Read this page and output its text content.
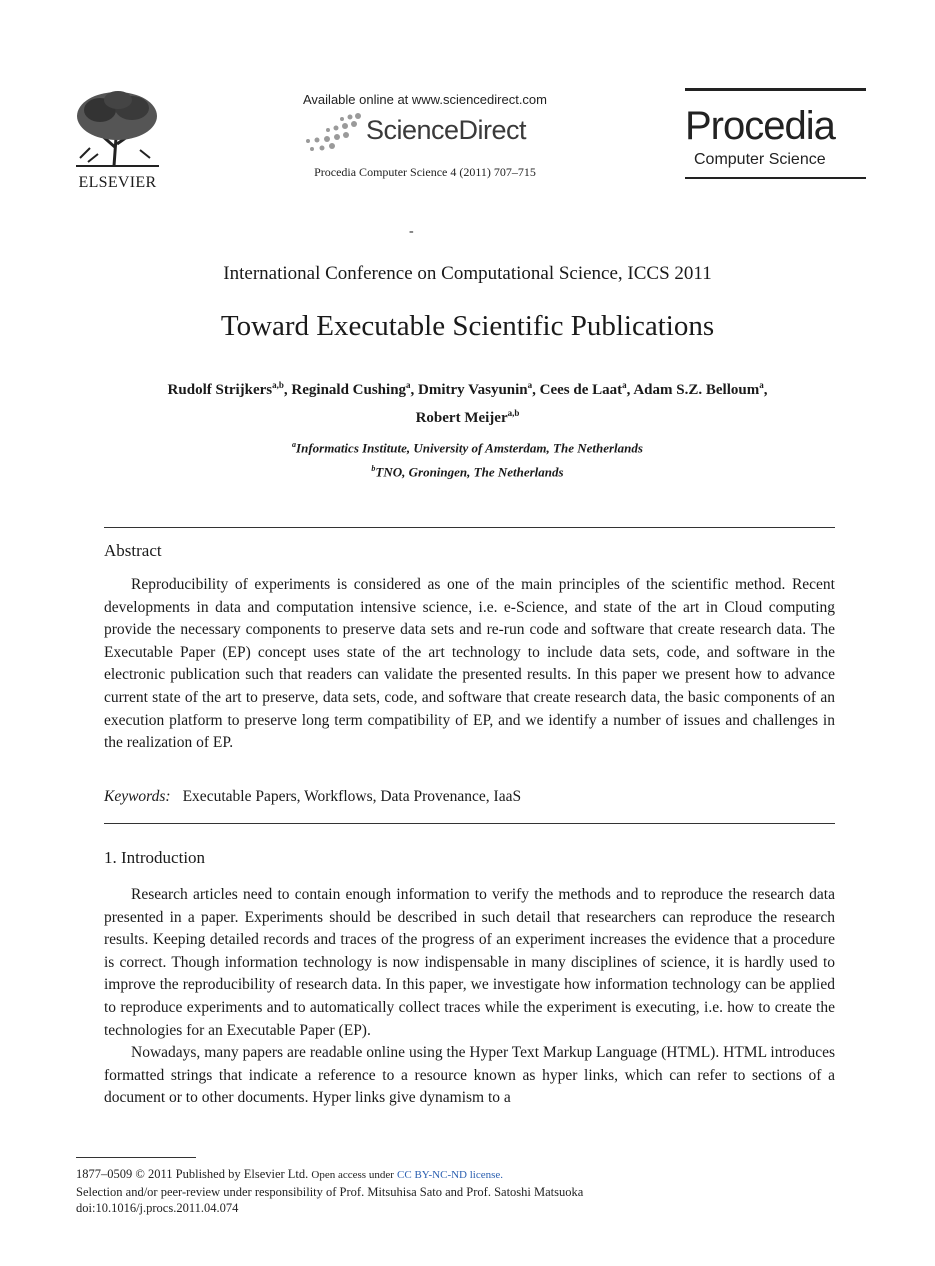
ELSEVIER
Available online at www.sciencedirect.com
ScienceDirect
Procedia Computer Science 4 (2011) 707–715
Procedia
Computer Science
-
International Conference on Computational Science, ICCS 2011
Toward Executable Scientific Publications
Rudolf Strijkers$^{a,b}$, Reginald Cushing$^a$, Dmitry Vasyunin$^a$, Cees de Laat$^a$, Adam S.Z. Belloum$^a$,
Robert Meijer$^{a,b}$
$^a$Informatics Institute, University of Amsterdam, The Netherlands
$^b$TNO, Groningen, The Netherlands
Abstract
Reproducibility of experiments is considered as one of the main principles of the scientific method. Recent developments in data and computation intensive science, i.e. e-Science, and state of the art in Cloud computing provide the necessary components to preserve data sets and re-run code and software that create research data. The Executable Paper (EP) concept uses state of the art technology to include data sets, code, and software in the electronic publication such that readers can validate the presented results. In this paper we present how to advance current state of the art to preserve, data sets, code, and software that create research data, the basic components of an execution platform to preserve long term compatibility of EP, and we identify a number of issues and challenges in the realization of EP.
Keywords: Executable Papers, Workflows, Data Provenance, IaaS
1. Introduction

Research articles need to contain enough information to verify the methods and to reproduce the research data presented in a paper. Experiments should be described in such detail that researchers can reproduce the research results. Keeping detailed records and traces of the progress of an experiment increases the evidence that a procedure is correct. Though information technology is now indispensable in many disciplines of science, it is hardly used to improve the reproducibility of research data. In this paper, we investigate how information technology can be applied to reproduce experiments and to automatically collect traces while the experiment is executing, i.e. how to create the technologies for an Executable Paper (EP).

Nowadays, many papers are readable online using the Hyper Text Markup Language (HTML). HTML introduces formatted strings that indicate a reference to a resource known as hyper links, which can refer to sections of a document or to other documents. Hyper links give dynamism to a

1877–0509 © 2011 Published by Elsevier Ltd. Open access under CC BY-NC-ND license.
Selection and/or peer-review under responsibility of Prof. Mitsuhisa Sato and Prof. Satoshi Matsuoka
doi:10.1016/j.procs.2011.04.074
